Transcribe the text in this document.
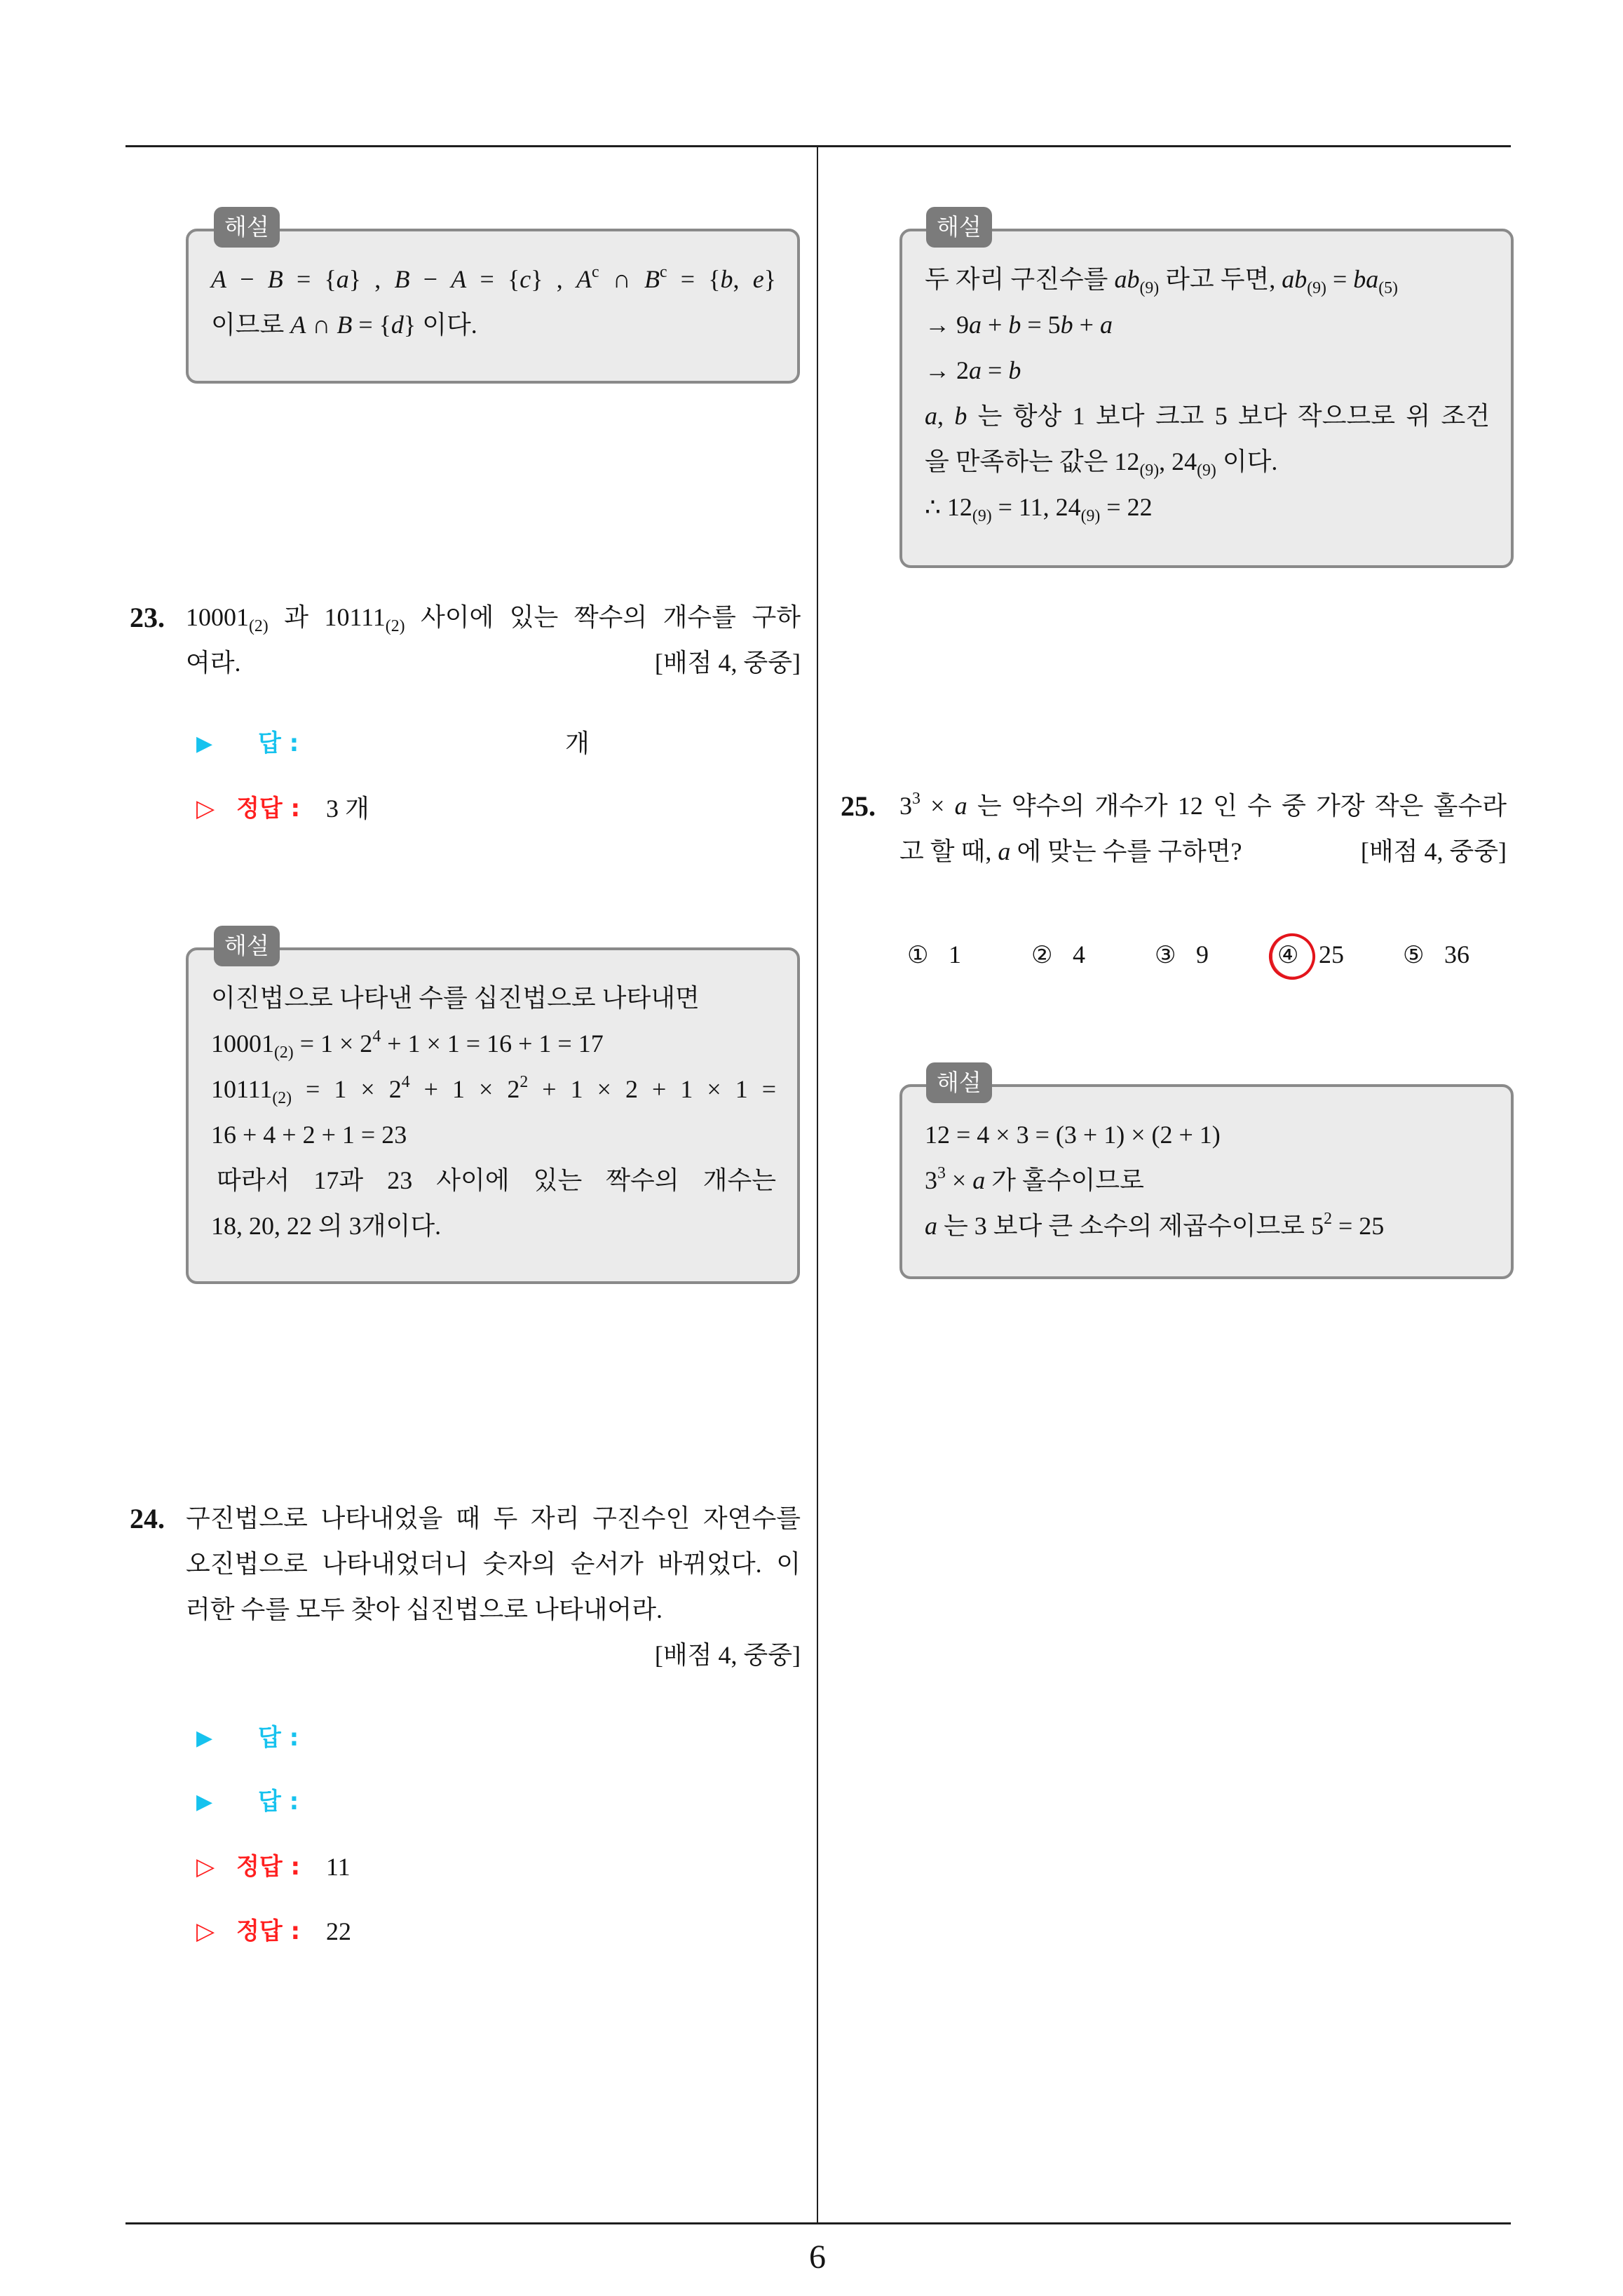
6
A − B = {a} , B − A = {c} , $A^c$ ∩ $B^c = \{b$, e}
이므로 A ∩ B = {d} 이다.
해설
23. $10001_{(2)}$ 과 $10111_{(2)}$ 사이에 있는 짝수의 개수를 구하
여라.	[배점 4, 중중]
▶ 답 :	개
▷ 정답 : 3 개
이진법으로 나타낸 수를 십진법으로 나타내면
$10001_{(2)} = 1 \times 2^4 + 1 \times 1 = 16 + 1 = 17$
$10111_{(2)} = 1 \times 2^4 + 1 \times 2^2 + 1 \times 2 + 1 \times 1$ =
16 + 4 + 2 + 1 = 23
따라서 17과 23 사이에 있는 짝수의 개수는
18, 20, 22 의 3개이다.
해설
24. 구진법으로 나타내었을 때 두 자리 구진수인 자연수를
오진법으로 나타내었더니 숫자의 순서가 바뀌었다. 이
러한 수를 모두 찾아 십진법으로 나타내어라.
[배점 4, 중중]
▶ 답 :
▶ 답 :
▷ 정답 : 11
▷ 정답 : 22
두 자리 구진수를 $ab_{(9)}$ 라고 두면, $ab_{(9)} = ba_{(5)}$
→ 9a + b = 5b + a
→ 2a = b
a, b 는 항상 1 보다 크고 5 보다 작으므로 위 조건
을 만족하는 값은 $12_{(9)}$, $24_{(9)}$ 이다.
∴ $12_{(9)} = 11$, $24_{(9)} = 22$
해설
25. $3^3 \times a$ 는 약수의 개수가 12 인 수 중 가장 작은 홀수라
고 할 때, a 에 맞는 수를 구하면?	[배점 4, 중중]
① 1	② 4	③ 9	④ 25 ⑤ 36
12 = 4 × 3 = (3 + 1) × (2 + 1)
$3^3 \times a$ 가 홀수이므로
a 는 3 보다 큰 소수의 제곱수이므로 $5^2 = 25$
해설
